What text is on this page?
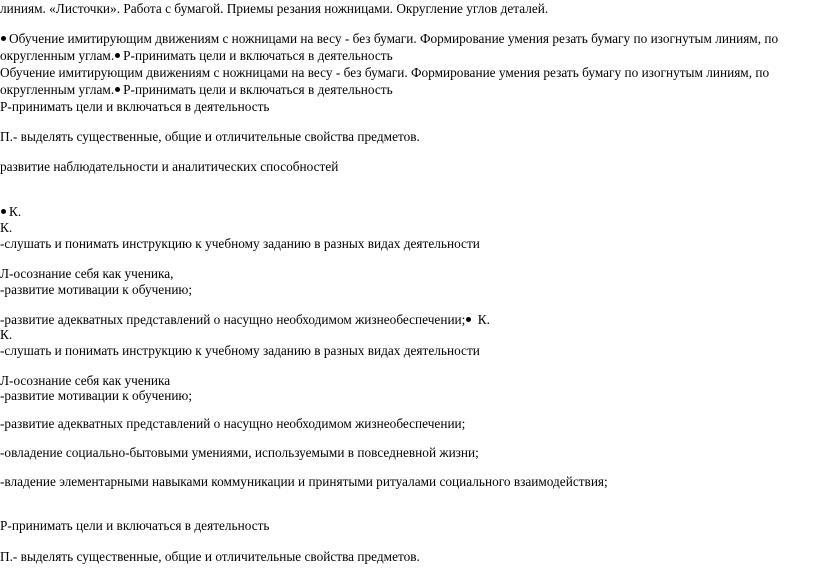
линиям. «Листочки». Работа с бумагой. Приемы резания ножницами. Округление углов деталей.
Обучение имитирующим движениям с ножницами на весу - без бумаги. Формирование умения резать бумагу по изогнутым линиям, по округленным углам. Р-принимать цели и включаться в деятельность
Обучение имитирующим движениям с ножницами на весу - без бумаги. Формирование умения резать бумагу по изогнутым линиям, по округленным углам. Р-принимать цели и включаться в деятельность
Р-принимать цели и включаться в деятельность
П.- выделять существенные, общие и отличительные свойства предметов.
развитие наблюдательности и аналитических способностей
К.
К.
-слушать и понимать инструкцию к учебному заданию в разных видах деятельности
Л-осознание себя как ученика,
-развитие мотивации к обучению;
-развитие адекватных представлений о насущно необходимом жизнеобеспечении; К.
К.
-слушать и понимать инструкцию к учебному заданию в разных видах деятельности
Л-осознание себя как ученика
-развитие мотивации к обучению;
-развитие адекватных представлений о насущно необходимом жизнеобеспечении;
-овладение социально-бытовыми умениями, используемыми в повседневной жизни;
-владение элементарными навыками коммуникации и принятыми ритуалами социального взаимодействия;
Р-принимать цели и включаться в деятельность
П.- выделять существенные, общие и отличительные свойства предметов.
